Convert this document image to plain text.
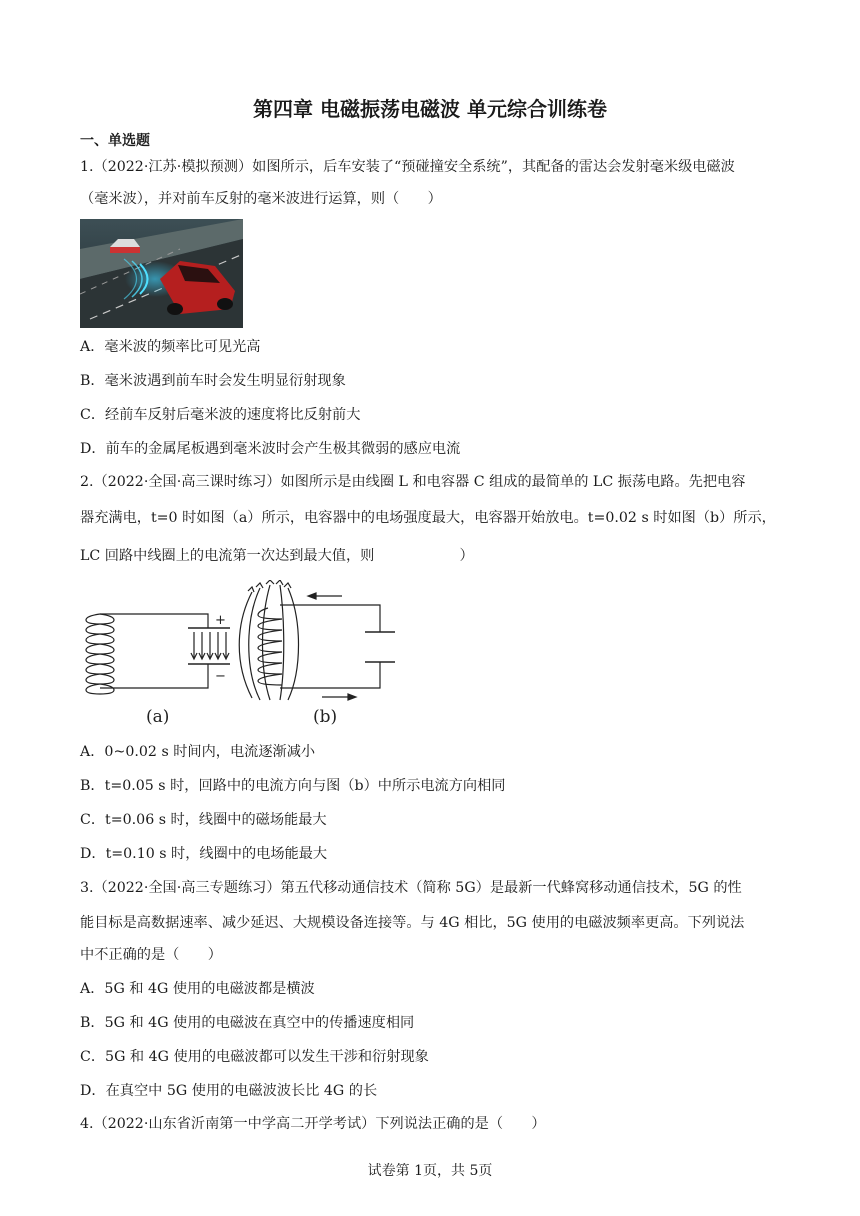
第四章 电磁振荡电磁波 单元综合训练卷
一、单选题
1.（2022·江苏·模拟预测）如图所示，后车安装了“预碰撞安全系统”，其配备的雷达会发射毫米级电磁波
（毫米波），并对前车反射的毫米波进行运算，则（　　）
A．毫米波的频率比可见光高
B．毫米波遇到前车时会发生明显衍射现象
C．经前车反射后毫米波的速度将比反射前大
D．前车的金属尾板遇到毫米波时会产生极其微弱的感应电流
2.（2022·全国·高三课时练习）如图所示是由线圈 L 和电容器 C 组成的最简单的 LC 振荡电路。先把电容
器充满电，t=0 时如图（a）所示，电容器中的电场强度最大，电容器开始放电。t=0.02 s 时如图（b）所示，
LC 回路中线圈上的电流第一次达到最大值，则　　　　　　）
+
−
(a)	(b)
A．0~0.02 s 时间内，电流逐渐减小
B．t=0.05 s 时，回路中的电流方向与图（b）中所示电流方向相同
C．t=0.06 s 时，线圈中的磁场能最大
D．t=0.10 s 时，线圈中的电场能最大
3.（2022·全国·高三专题练习）第五代移动通信技术（简称 5G）是最新一代蜂窝移动通信技术，5G 的性
能目标是高数据速率、减少延迟、大规模设备连接等。与 4G 相比，5G 使用的电磁波频率更高。下列说法
中不正确的是（　　）
A．5G 和 4G 使用的电磁波都是横波
B．5G 和 4G 使用的电磁波在真空中的传播速度相同
C．5G 和 4G 使用的电磁波都可以发生干涉和衍射现象
D．在真空中 5G 使用的电磁波波长比 4G 的长
4.（2022·山东省沂南第一中学高二开学考试）下列说法正确的是（　　）
试卷第 1页，共 5页
